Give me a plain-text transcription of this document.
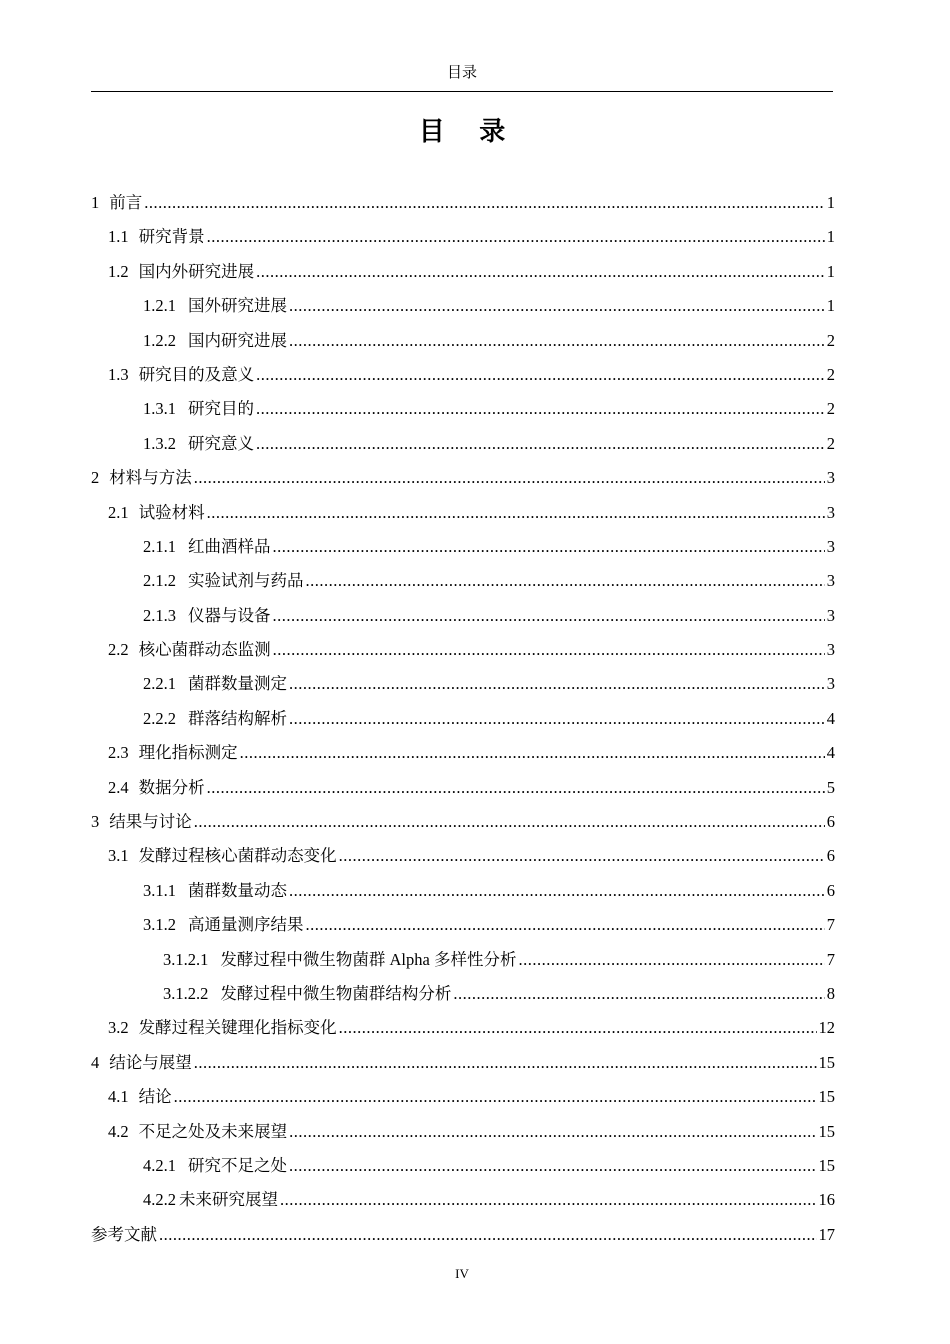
目录
目 录
1 前言 .....	1
1.1 研究背景 .....	1
1.2 国内外研究进展 .....	1
1.2.1 国外研究进展 .....	1
1.2.2 国内研究进展 .....	2
1.3 研究目的及意义 .....	2
1.3.1 研究目的 .....	2
1.3.2 研究意义 .....	2
2 材料与方法 .....	3
2.1 试验材料 .....	3
2.1.1 红曲酒样品 .....	3
2.1.2 实验试剂与药品 .....	3
2.1.3 仪器与设备 .....	3
2.2 核心菌群动态监测 .....	3
2.2.1 菌群数量测定 .....	3
2.2.2 群落结构解析 .....	4
2.3 理化指标测定 .....	4
2.4 数据分析 .....	5
3 结果与讨论 .....	6
3.1 发酵过程核心菌群动态变化 .....	6
3.1.1 菌群数量动态 .....	6
3.1.2 高通量测序结果 .....	7
3.1.2.1 发酵过程中微生物菌群 Alpha 多样性分析 .....	7
3.1.2.2 发酵过程中微生物菌群结构分析 .....	8
3.2 发酵过程关键理化指标变化 .....	12
4 结论与展望 .....	15
4.1 结论 .....	15
4.2 不足之处及未来展望 .....	15
4.2.1 研究不足之处 .....	15
4.2.2 未来研究展望 .....	16
参考文献 .....	17
IV
